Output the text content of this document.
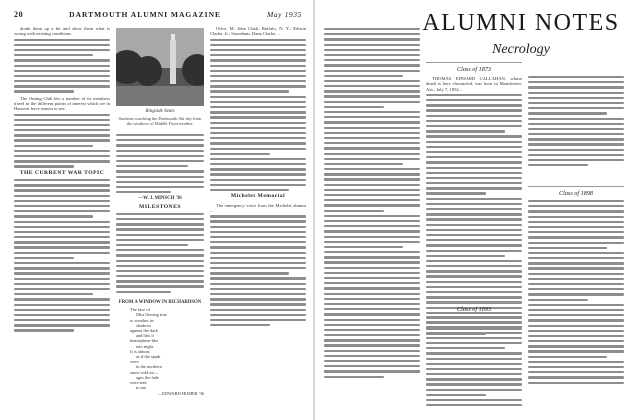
20	DARTMOUTH ALUMNI MAGAZINE	May 1935

doubt them up a bit and show them what is wrong with existing conditions.

The Outing Club lets a number of its members travel to the different points of interest which we in Hanover have reason to see.

THE CURRENT WAR TOPIC
Ringside Seats
Students watching the Dartmouth Ski day from the windows of Middle Fayerweather.
—W. J. MINSCH '36
MILESTONES
FROM A WINDOW IN RICHARDSON
The face of
Mist flowing true
to weather its
shadows
against the dark
and lifts it
hemisphere-like
into night.
It is almost
as if the spark
were
in the northern
snow-cold air—
ages the fade
were sent
to me.
—EDWARD HOMER '36

Olive, M. John Clark, Buffalo, N. Y.; Edison Clarke, Jr.; Stoneham; Dana Clarke, ...

Michelet Memorial

The emergency voice from the Michelet alumni ...

ALUMNI NOTES
Necrology
Class of 1873

THOMAS EDWARD CALLAHAN, whose death is here chronicled, was born in Manchester, Ala., July 7, 1852...

Class of 1893
Class of 1898
